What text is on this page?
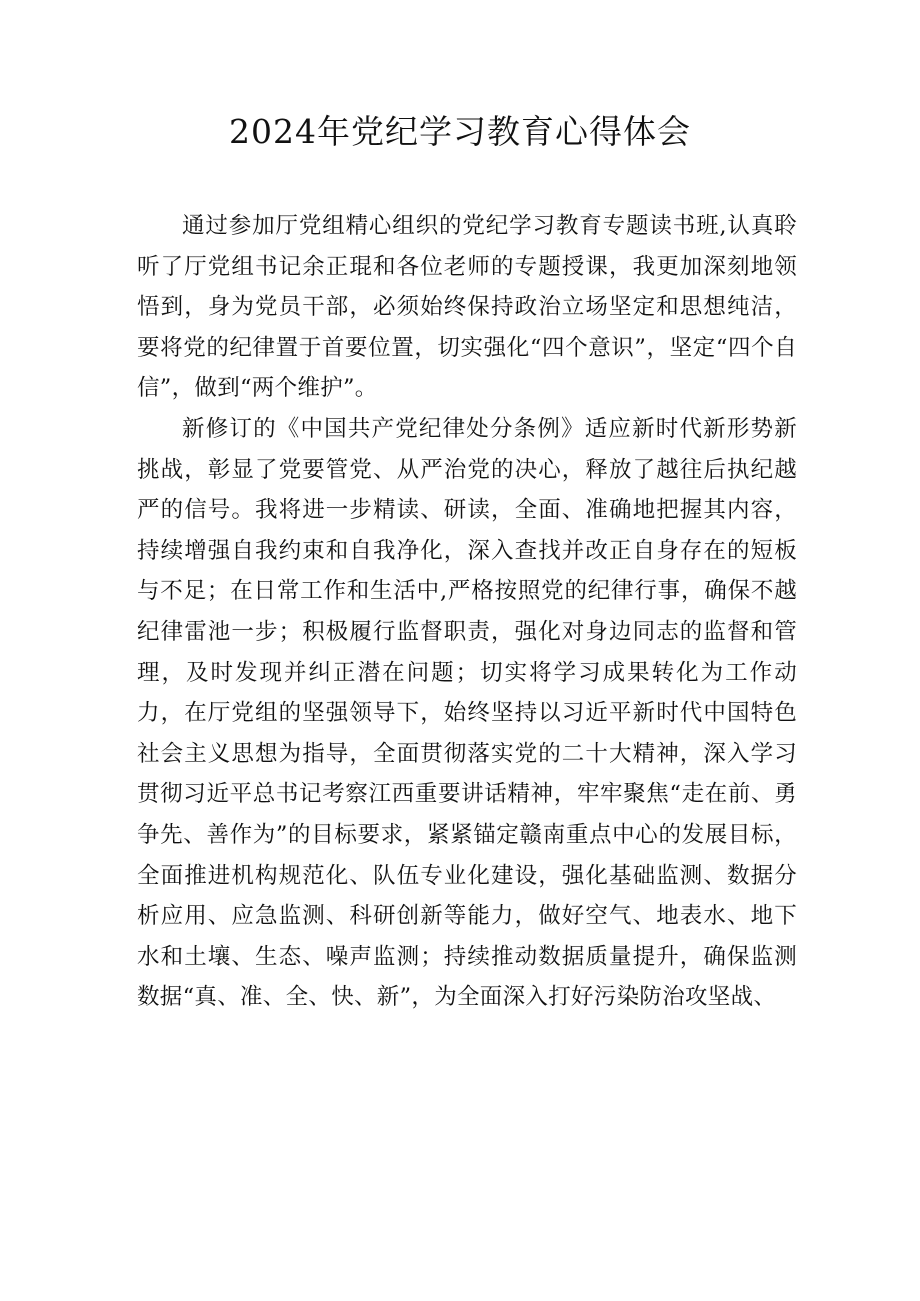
2024年党纪学习教育心得体会

通过参加厅党组精心组织的党纪学习教育专题读书班,认真聆听了厅党组书记余正琨和各位老师的专题授课，我更加深刻地领悟到，身为党员干部，必须始终保持政治立场坚定和思想纯洁，要将党的纪律置于首要位置，切实强化“四个意识”，坚定“四个自信”，做到“两个维护”。

新修订的《中国共产党纪律处分条例》适应新时代新形势新挑战，彰显了党要管党、从严治党的决心，释放了越往后执纪越严的信号。我将进一步精读、研读，全面、准确地把握其内容，持续增强自我约束和自我净化，深入查找并改正自身存在的短板与不足；在日常工作和生活中,严格按照党的纪律行事，确保不越纪律雷池一步；积极履行监督职责，强化对身边同志的监督和管理，及时发现并纠正潜在问题；切实将学习成果转化为工作动力，在厅党组的坚强领导下，始终坚持以习近平新时代中国特色社会主义思想为指导，全面贯彻落实党的二十大精神，深入学习贯彻习近平总书记考察江西重要讲话精神，牢牢聚焦“走在前、勇争先、善作为”的目标要求，紧紧锚定赣南重点中心的发展目标，全面推进机构规范化、队伍专业化建设，强化基础监测、数据分析应用、应急监测、科研创新等能力，做好空气、地表水、地下水和土壤、生态、噪声监测；持续推动数据质量提升，确保监测数据“真、准、全、快、新”，为全面深入打好污染防治攻坚战、
